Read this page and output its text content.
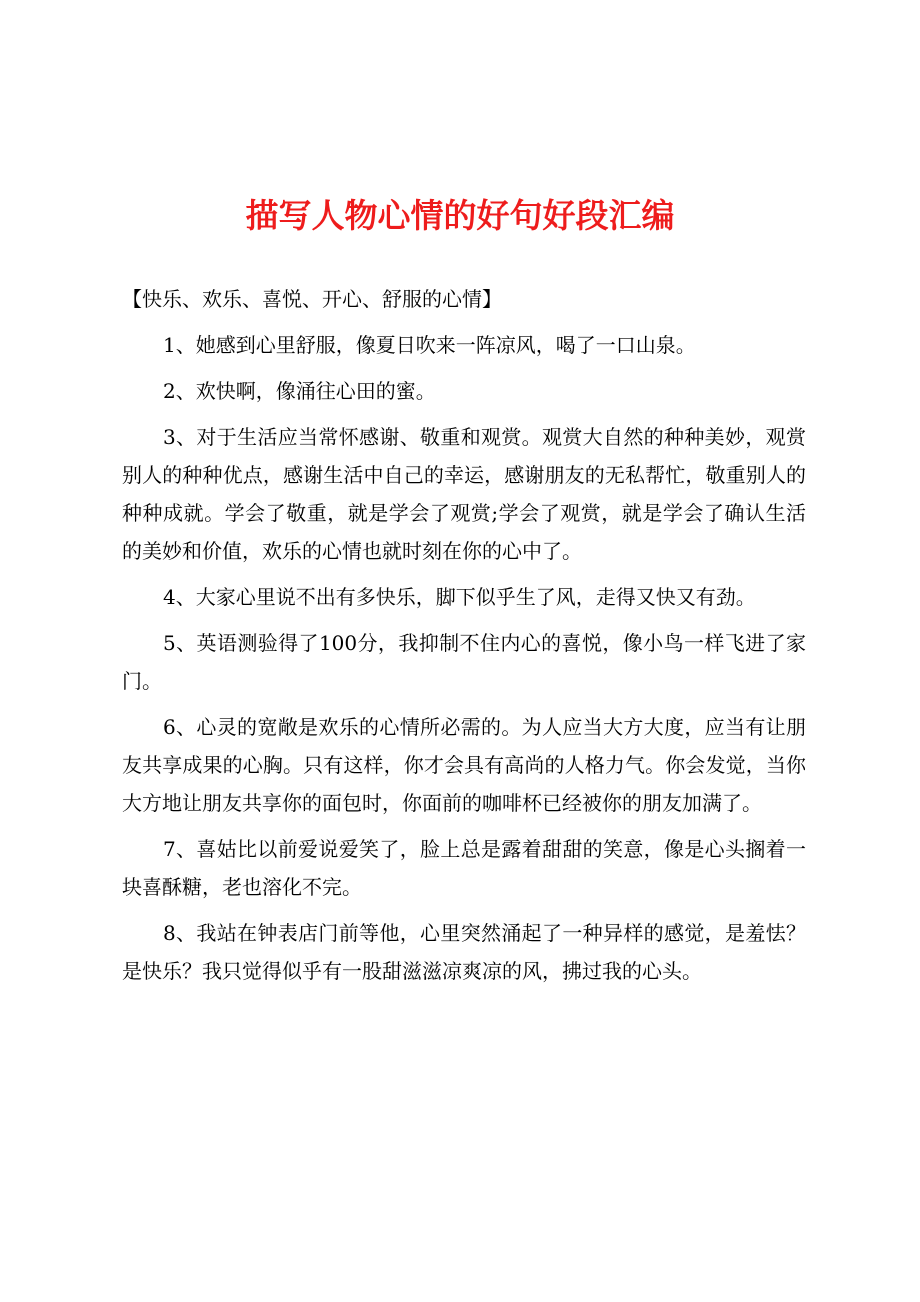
描写人物心情的好句好段汇编

【快乐、欢乐、喜悦、开心、舒服的心情】

1、她感到心里舒服，像夏日吹来一阵凉风，喝了一口山泉。

2、欢快啊，像涌往心田的蜜。

3、对于生活应当常怀感谢、敬重和观赏。观赏大自然的种种美妙，观赏别人的种种优点，感谢生活中自己的幸运，感谢朋友的无私帮忙，敬重别人的种种成就。学会了敬重，就是学会了观赏;学会了观赏，就是学会了确认生活的美妙和价值，欢乐的心情也就时刻在你的心中了。

4、大家心里说不出有多快乐，脚下似乎生了风，走得又快又有劲。

5、英语测验得了100分，我抑制不住内心的喜悦，像小鸟一样飞进了家门。

6、心灵的宽敞是欢乐的心情所必需的。为人应当大方大度，应当有让朋友共享成果的心胸。只有这样，你才会具有高尚的人格力气。你会发觉，当你大方地让朋友共享你的面包时，你面前的咖啡杯已经被你的朋友加满了。

7、喜姑比以前爱说爱笑了，脸上总是露着甜甜的笑意，像是心头搁着一块喜酥糖，老也溶化不完。

8、我站在钟表店门前等他，心里突然涌起了一种异样的感觉，是羞怯？是快乐？我只觉得似乎有一股甜滋滋凉爽凉的风，拂过我的心头。
